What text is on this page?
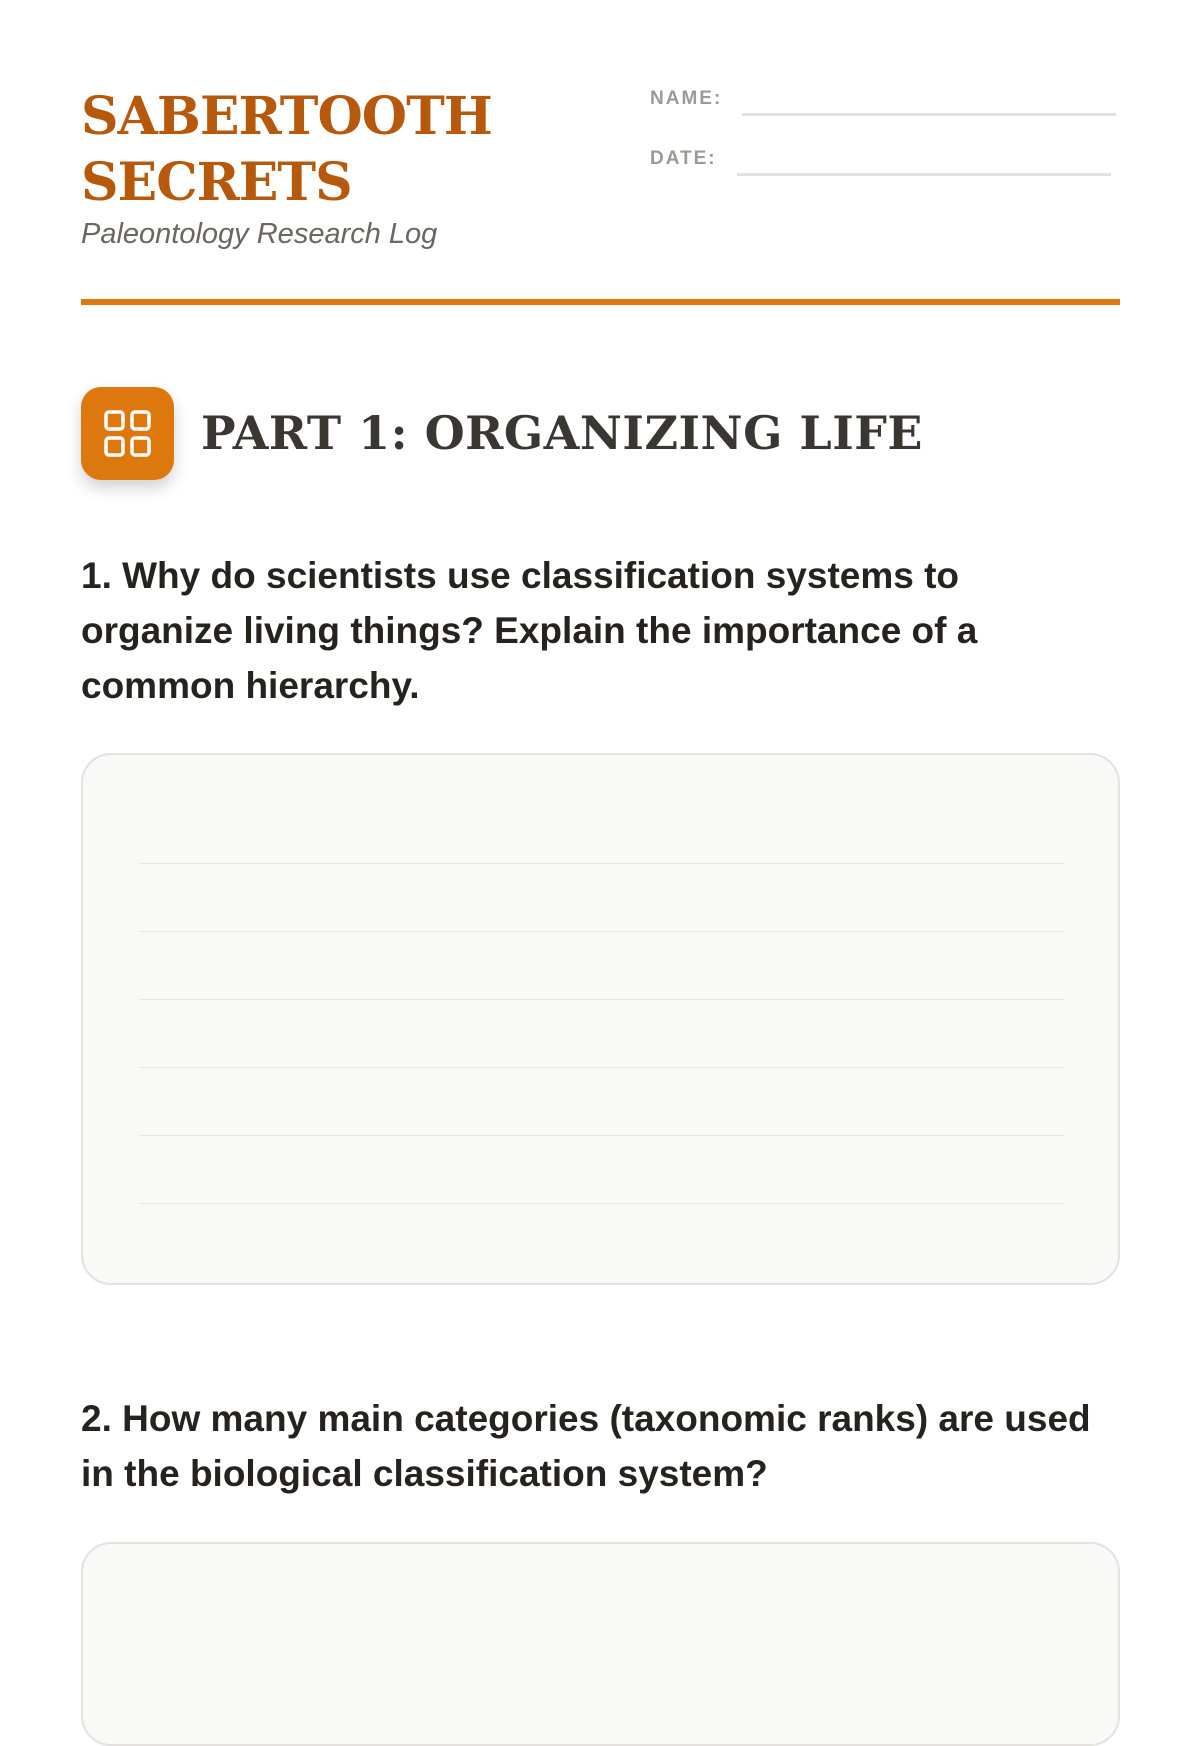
SABERTOOTH
SECRETS
Paleontology Research Log
NAME:
DATE:
PART 1: ORGANIZING LIFE

1. Why do scientists use classification systems to organize living things? Explain the importance of a common hierarchy.

2. How many main categories (taxonomic ranks) are used in the biological classification system?
